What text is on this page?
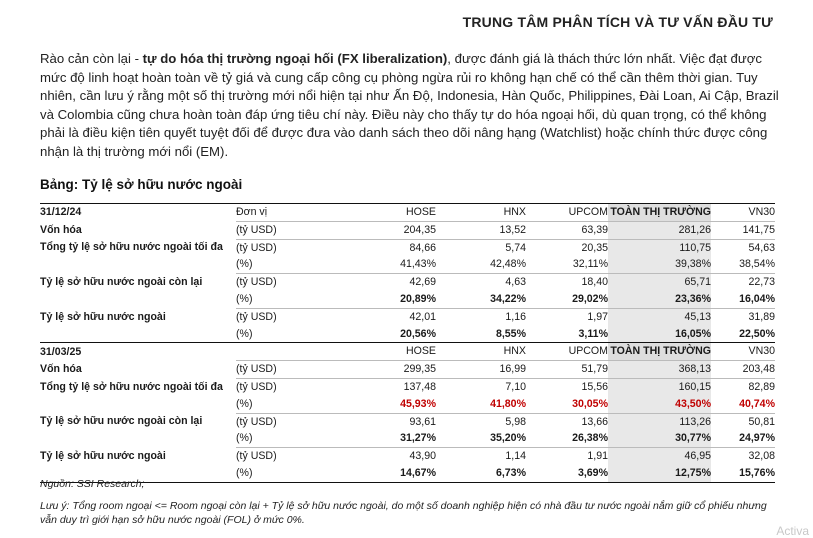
TRUNG TÂM PHÂN TÍCH VÀ TƯ VẤN ĐẦU TƯ
Rào cản còn lại - tự do hóa thị trường ngoại hối (FX liberalization), được đánh giá là thách thức lớn nhất. Việc đạt được mức độ linh hoạt hoàn toàn về tỷ giá và cung cấp công cụ phòng ngừa rủi ro không hạn chế có thể cần thêm thời gian. Tuy nhiên, cần lưu ý rằng một số thị trường mới nổi hiện tại như Ấn Độ, Indonesia, Hàn Quốc, Philippines, Đài Loan, Ai Cập, Brazil và Colombia cũng chưa hoàn toàn đáp ứng tiêu chí này. Điều này cho thấy tự do hóa ngoại hối, dù quan trọng, có thể không phải là điều kiện tiên quyết tuyệt đối để được đưa vào danh sách theo dõi nâng hạng (Watchlist) hoặc chính thức được công nhận là thị trường mới nổi (EM).
Bảng: Tỷ lệ sở hữu nước ngoài
31/12/24	Đơn vị	HOSE	HNX	UPCOM	TOÀN THỊ TRƯỜNG	VN30
Vốn hóa	(tỷ USD)	204,35	13,52	63,39	281,26	141,75
Tổng tỷ lệ sở hữu nước ngoài tối đa	(tỷ USD)	84,66	5,74	20,35	110,75	54,63
	(%)	41,43%	42,48%	32,11%	39,38%	38,54%
Tỷ lệ sở hữu nước ngoài còn lại	(tỷ USD)	42,69	4,63	18,40	65,71	22,73
	(%)	20,89%	34,22%	29,02%	23,36%	16,04%
Tỷ lệ sở hữu nước ngoài	(tỷ USD)	42,01	1,16	1,97	45,13	31,89
	(%)	20,56%	8,55%	3,11%	16,05%	22,50%
31/03/25		HOSE	HNX	UPCOM	TOÀN THỊ TRƯỜNG	VN30
Vốn hóa	(tỷ USD)	299,35	16,99	51,79	368,13	203,48
Tổng tỷ lệ sở hữu nước ngoài tối đa	(tỷ USD)	137,48	7,10	15,56	160,15	82,89
	(%)	45,93%	41,80%	30,05%	43,50%	40,74%
Tỷ lệ sở hữu nước ngoài còn lại	(tỷ USD)	93,61	5,98	13,66	113,26	50,81
	(%)	31,27%	35,20%	26,38%	30,77%	24,97%
Tỷ lệ sở hữu nước ngoài	(tỷ USD)	43,90	1,14	1,91	46,95	32,08
	(%)	14,67%	6,73%	3,69%	12,75%	15,76%
Nguồn: SSI Research;
Lưu ý: Tổng room ngoại <= Room ngoại còn lại + Tỷ lệ sở hữu nước ngoài, do một số doanh nghiệp hiện có nhà đầu tư nước ngoài nắm giữ cổ phiếu nhưng vẫn duy trì giới hạn sở hữu nước ngoài (FOL) ở mức 0%.
Activa
